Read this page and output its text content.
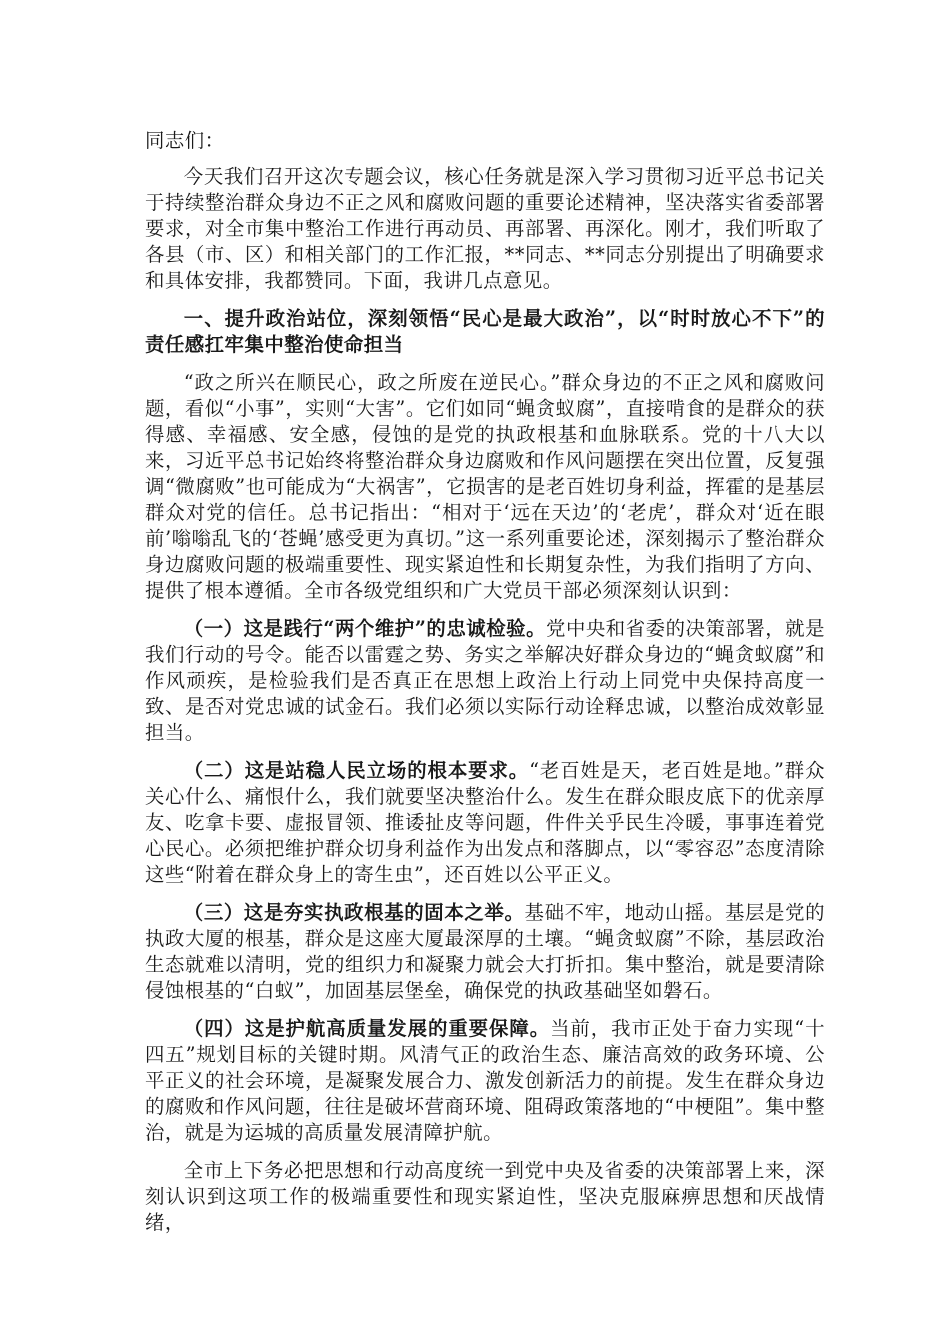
同志们：

今天我们召开这次专题会议，核心任务就是深入学习贯彻习近平总书记关于持续整治群众身边不正之风和腐败问题的重要论述精神，坚决落实省委部署要求，对全市集中整治工作进行再动员、再部署、再深化。刚才，我们听取了各县（市、区）和相关部门的工作汇报，**同志、**同志分别提出了明确要求和具体安排，我都赞同。下面，我讲几点意见。

一、提升政治站位，深刻领悟“民心是最大政治”，以“时时放心不下”的责任感扛牢集中整治使命担当

“政之所兴在顺民心，政之所废在逆民心。”群众身边的不正之风和腐败问题，看似“小事”，实则“大害”。它们如同“蝇贪蚁腐”，直接啃食的是群众的获得感、幸福感、安全感，侵蚀的是党的执政根基和血脉联系。党的十八大以来，习近平总书记始终将整治群众身边腐败和作风问题摆在突出位置，反复强调“微腐败”也可能成为“大祸害”，它损害的是老百姓切身利益，挥霍的是基层群众对党的信任。总书记指出：“相对于‘远在天边’的‘老虎’，群众对‘近在眼前’嗡嗡乱飞的‘苍蝇’感受更为真切。”这一系列重要论述，深刻揭示了整治群众身边腐败问题的极端重要性、现实紧迫性和长期复杂性，为我们指明了方向、提供了根本遵循。全市各级党组织和广大党员干部必须深刻认识到：

（一）这是践行“两个维护”的忠诚检验。党中央和省委的决策部署，就是我们行动的号令。能否以雷霆之势、务实之举解决好群众身边的“蝇贪蚁腐”和作风顽疾，是检验我们是否真正在思想上政治上行动上同党中央保持高度一致、是否对党忠诚的试金石。我们必须以实际行动诠释忠诚，以整治成效彰显担当。

（二）这是站稳人民立场的根本要求。“老百姓是天，老百姓是地。”群众关心什么、痛恨什么，我们就要坚决整治什么。发生在群众眼皮底下的优亲厚友、吃拿卡要、虚报冒领、推诿扯皮等问题，件件关乎民生冷暖，事事连着党心民心。必须把维护群众切身利益作为出发点和落脚点，以“零容忍”态度清除这些“附着在群众身上的寄生虫”，还百姓以公平正义。

（三）这是夯实执政根基的固本之举。基础不牢，地动山摇。基层是党的执政大厦的根基，群众是这座大厦最深厚的土壤。“蝇贪蚁腐”不除，基层政治生态就难以清明，党的组织力和凝聚力就会大打折扣。集中整治，就是要清除侵蚀根基的“白蚁”，加固基层堡垒，确保党的执政基础坚如磐石。

（四）这是护航高质量发展的重要保障。当前，我市正处于奋力实现“十四五”规划目标的关键时期。风清气正的政治生态、廉洁高效的政务环境、公平正义的社会环境，是凝聚发展合力、激发创新活力的前提。发生在群众身边的腐败和作风问题，往往是破坏营商环境、阻碍政策落地的“中梗阻”。集中整治，就是为运城的高质量发展清障护航。

全市上下务必把思想和行动高度统一到党中央及省委的决策部署上来，深刻认识到这项工作的极端重要性和现实紧迫性，坚决克服麻痹思想和厌战情绪，
